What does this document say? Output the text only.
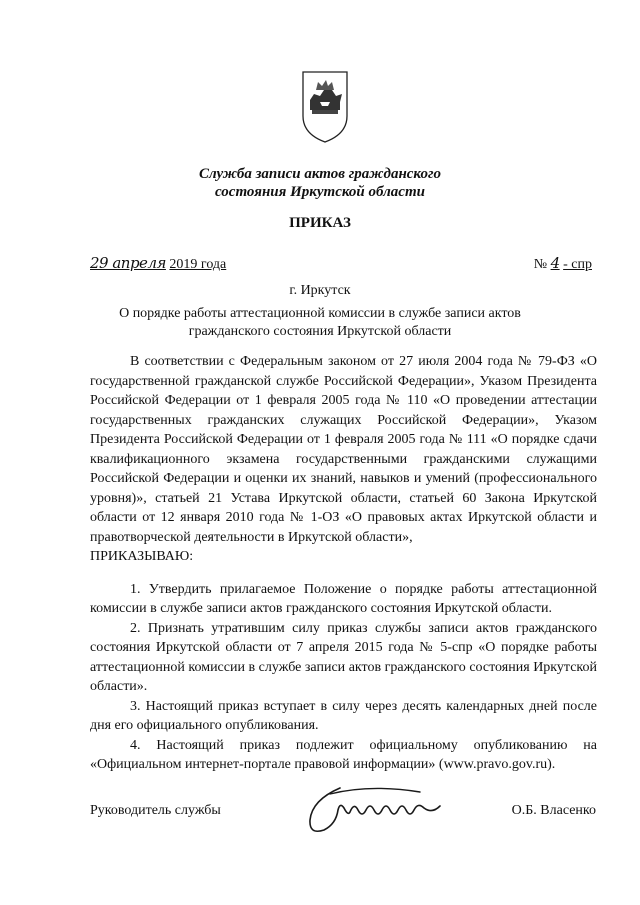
Служба записи актов гражданского
состояния Иркутской области
ПРИКАЗ
29 апреля 2019 года	№ 4 - спр
г. Иркутск
О порядке работы аттестационной комиссии в службе записи актов
гражданского состояния Иркутской области

В соответствии с Федеральным законом от 27 июля 2004 года № 79-ФЗ «О государственной гражданской службе Российской Федерации», Указом Президента Российской Федерации от 1 февраля 2005 года № 110 «О проведении аттестации государственных гражданских служащих Российской Федерации», Указом Президента Российской Федерации от 1 февраля 2005 года № 111 «О порядке сдачи квалификационного экзамена государственными гражданскими служащими Российской Федерации и оценки их знаний, навыков и умений (профессионального уровня)», статьей 21 Устава Иркутской области, статьей 60 Закона Иркутской области от 12 января 2010 года № 1-ОЗ «О правовых актах Иркутской области и правотворческой деятельности в Иркутской области»,

ПРИКАЗЫВАЮ:

1. Утвердить прилагаемое Положение о порядке работы аттестационной комиссии в службе записи актов гражданского состояния Иркутской области.

2. Признать утратившим силу приказ службы записи актов гражданского состояния Иркутской области от 7 апреля 2015 года № 5-спр «О порядке работы аттестационной комиссии в службе записи актов гражданского состояния Иркутской области».

3. Настоящий приказ вступает в силу через десять календарных дней после дня его официального опубликования.

4. Настоящий приказ подлежит официальному опубликованию на «Официальном интернет-портале правовой информации» (www.pravo.gov.ru).

Руководитель службы	О.Б. Власенко
